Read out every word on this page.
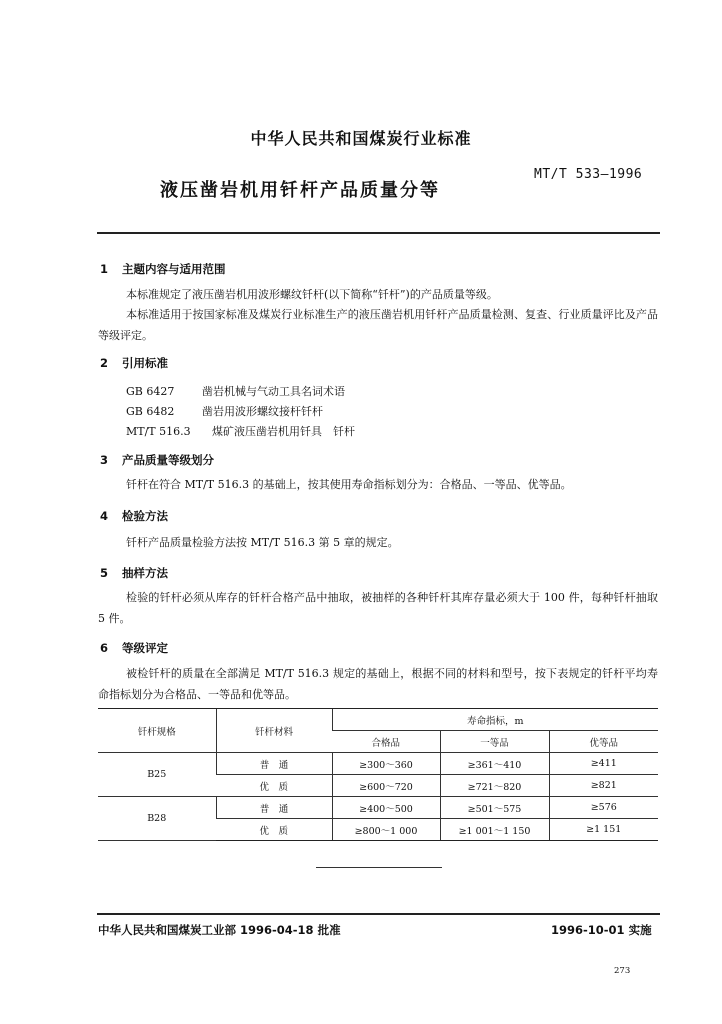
中华人民共和国煤炭行业标准
液压凿岩机用钎杆产品质量分等
MT/T 533—1996
1 主题内容与适用范围
本标准规定了液压凿岩机用波形螺纹钎杆(以下简称“钎杆”)的产品质量等级。
本标准适用于按国家标准及煤炭行业标准生产的液压凿岩机用钎杆产品质量检测、复查、行业质量评比及产品等级评定。
2 引用标准
GB 6427	凿岩机械与气动工具名词术语
GB 6482	凿岩用波形螺纹接杆钎杆
MT/T 516.3 煤矿液压凿岩机用钎具　钎杆
3 产品质量等级划分
钎杆在符合 MT/T 516.3 的基础上，按其使用寿命指标划分为：合格品、一等品、优等品。
4 检验方法
钎杆产品质量检验方法按 MT/T 516.3 第 5 章的规定。
5 抽样方法
检验的钎杆必须从库存的钎杆合格产品中抽取，被抽样的各种钎杆其库存量必须大于 100 件，每种钎杆抽取 5 件。
6 等级评定
被检钎杆的质量在全部满足 MT/T 516.3 规定的基础上，根据不同的材料和型号，按下表规定的钎杆平均寿命指标划分为合格品、一等品和优等品。
钎杆规格	钎杆材料	寿命指标，m		
		合格品	一等品	优等品
B25	普　通	≥300～360	≥361～410	≥411
	优　质	≥600～720	≥721～820	≥821
B28	普　通	≥400～500	≥501～575	≥576
	优　质	≥800～1 000	≥1 001～1 150	≥1 151
中华人民共和国煤炭工业部 1996-04-18 批准	1996-10-01 实施
273
